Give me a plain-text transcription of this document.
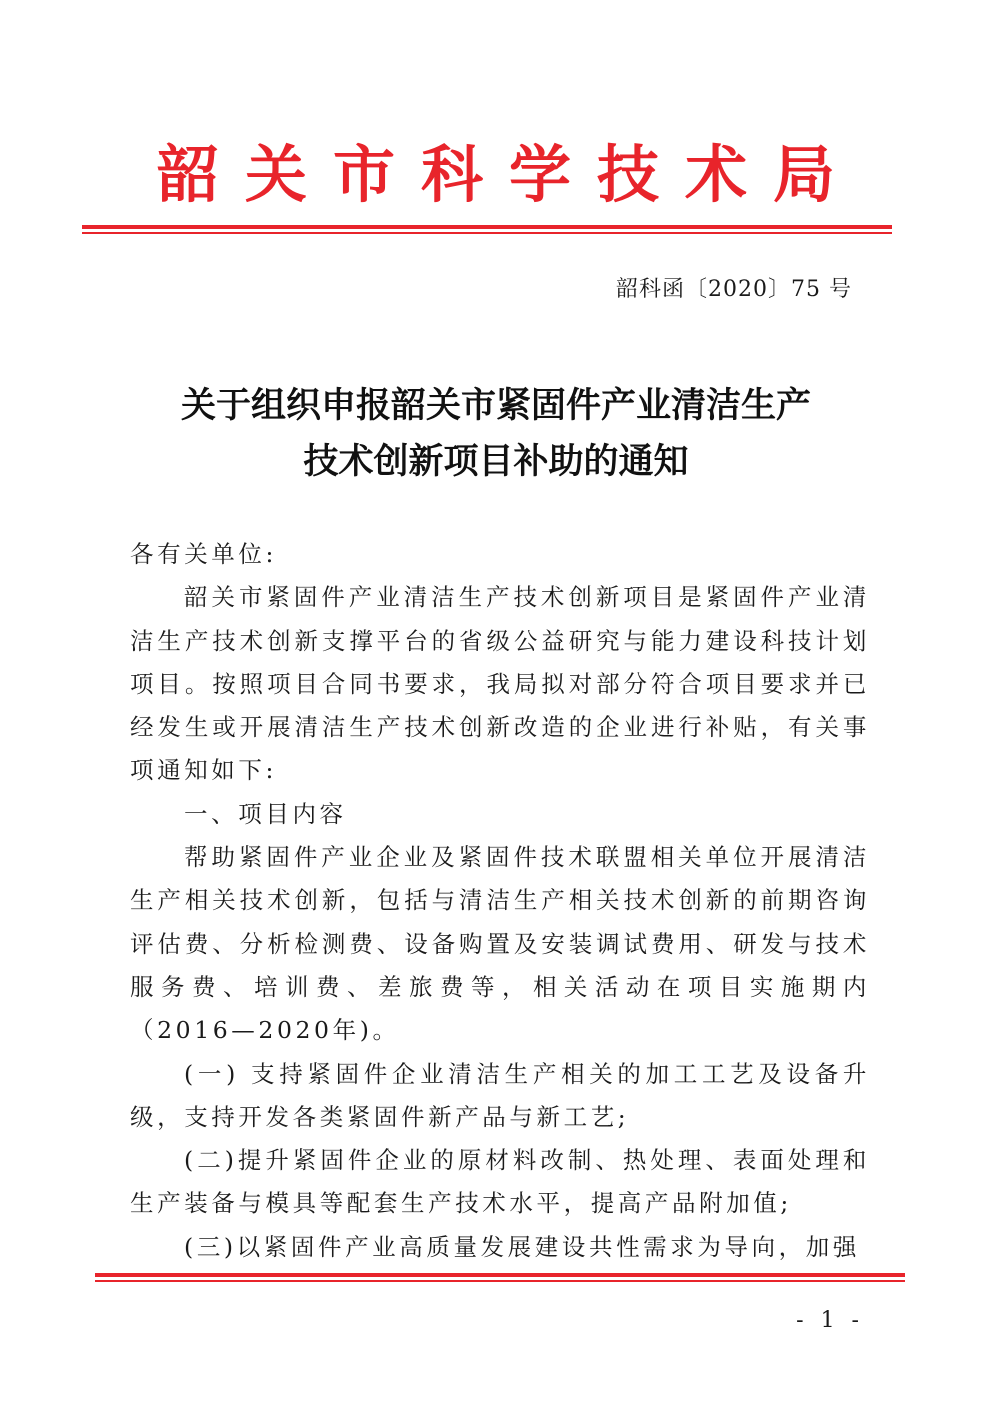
韶关市科学技术局
韶科函〔2020〕75 号
关于组织申报韶关市紧固件产业清洁生产
技术创新项目补助的通知

各有关单位:

韶关市紧固件产业清洁生产技术创新项目是紧固件产业清洁生产技术创新支撑平台的省级公益研究与能力建设科技计划项目。按照项目合同书要求，我局拟对部分符合项目要求并已经发生或开展清洁生产技术创新改造的企业进行补贴，有关事项通知如下:

一、项目内容

帮助紧固件产业企业及紧固件技术联盟相关单位开展清洁生产相关技术创新，包括与清洁生产相关技术创新的前期咨询评估费、分析检测费、设备购置及安装调试费用、研发与技术服务费、培训费、差旅费等，相关活动在项目实施期内（2016—2020年)。

(一) 支持紧固件企业清洁生产相关的加工工艺及设备升级，支持开发各类紧固件新产品与新工艺;

(二)提升紧固件企业的原材料改制、热处理、表面处理和生产装备与模具等配套生产技术水平，提高产品附加值;

(三)以紧固件产业高质量发展建设共性需求为导向，加强

- 1 -
